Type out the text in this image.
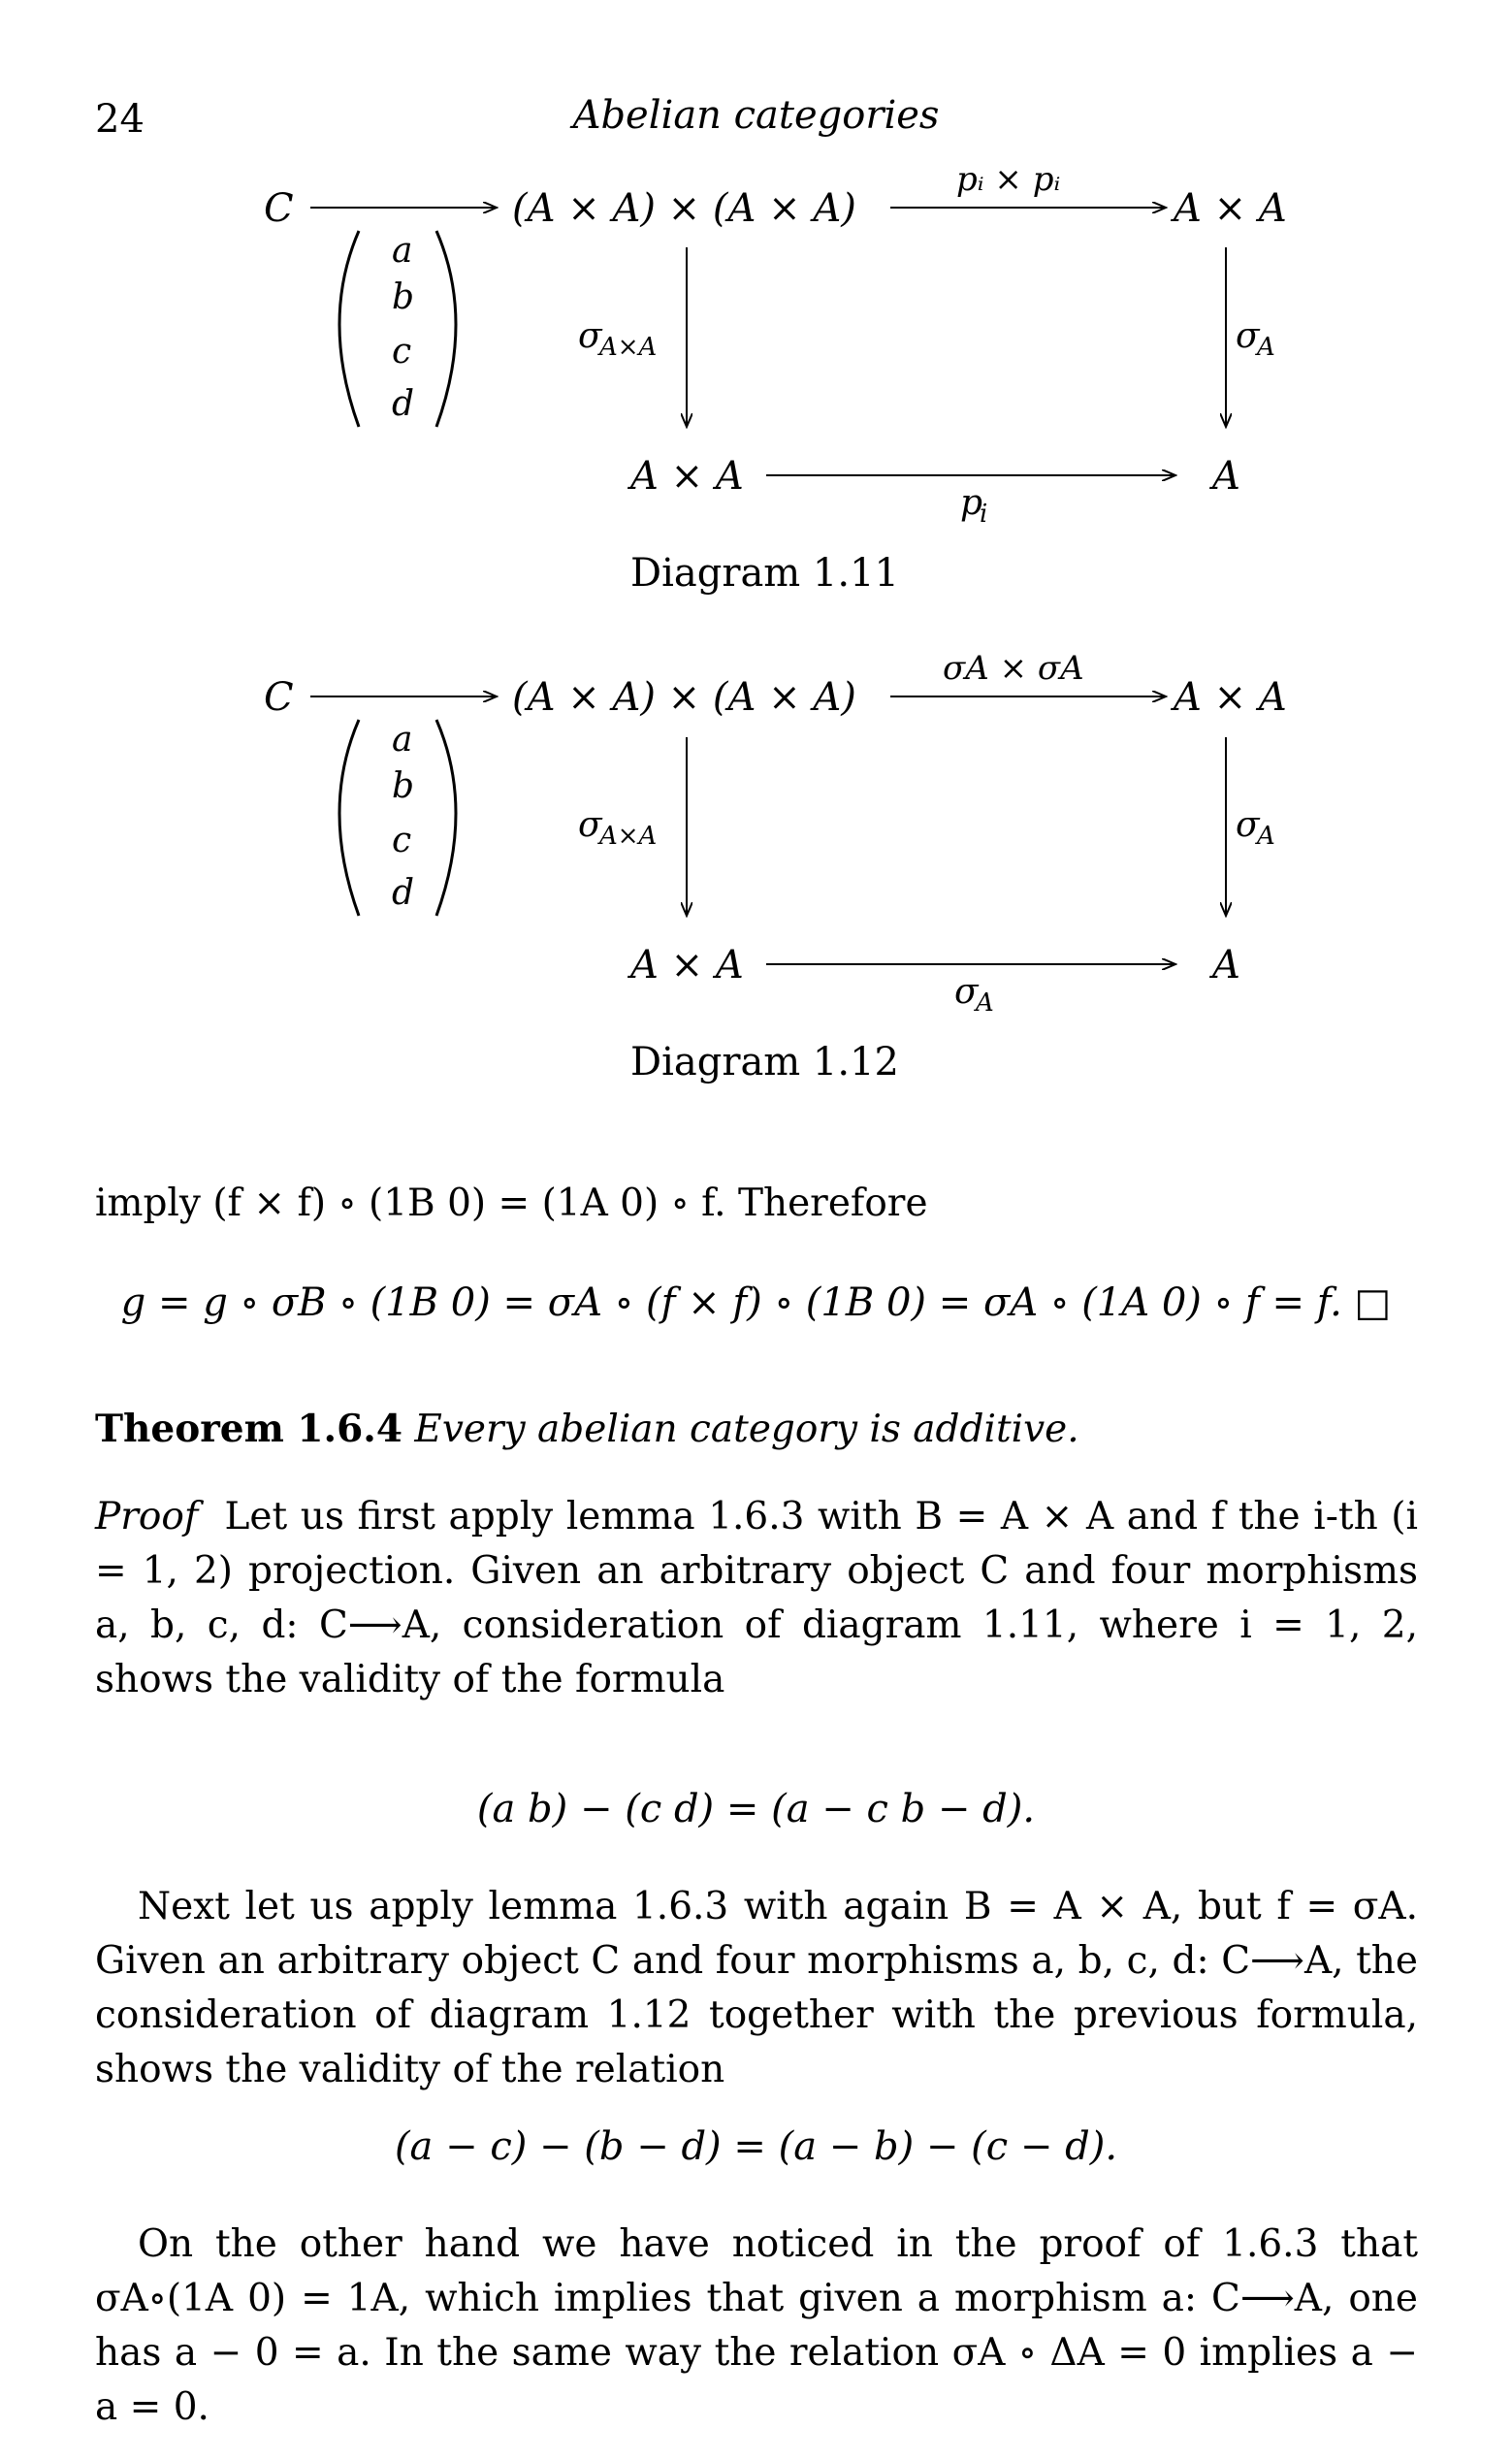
24	Abelian categories
C
a
b
c
d
(A × A) × (A × A)
pᵢ × pᵢ
A × A
σ
A×A	σ
A
A × A
p
i
A
C
a
b
c
d
(A × A) × (A × A)
σA × σA
A × A
σ
A×A	σ
A
A × A
σ
A
A
Diagram 1.11
Diagram 1.12
imply (f × f) ∘ (1B 0) = (1A 0) ∘ f. Therefore
g = g ∘ σB ∘ (1B 0) = σA ∘ (f × f) ∘ (1B 0) = σA ∘ (1A 0) ∘ f = f. □
Theorem 1.6.4 Every abelian category is additive.

Proof Let us first apply lemma 1.6.3 with B = A × A and f the i-th (i = 1, 2) projection. Given an arbitrary object C and four morphisms a, b, c, d: C⟶A, consideration of diagram 1.11, where i = 1, 2, shows the validity of the formula

(a b) − (c d) = (a − c b − d).

Next let us apply lemma 1.6.3 with again B = A × A, but f = σA. Given an arbitrary object C and four morphisms a, b, c, d: C⟶A, the consideration of diagram 1.12 together with the previous formula, shows the validity of the relation

(a − c) − (b − d) = (a − b) − (c − d).

On the other hand we have noticed in the proof of 1.6.3 that σA∘(1A 0) = 1A, which implies that given a morphism a: C⟶A, one has a − 0 = a. In the same way the relation σA ∘ ΔA = 0 implies a − a = 0.
